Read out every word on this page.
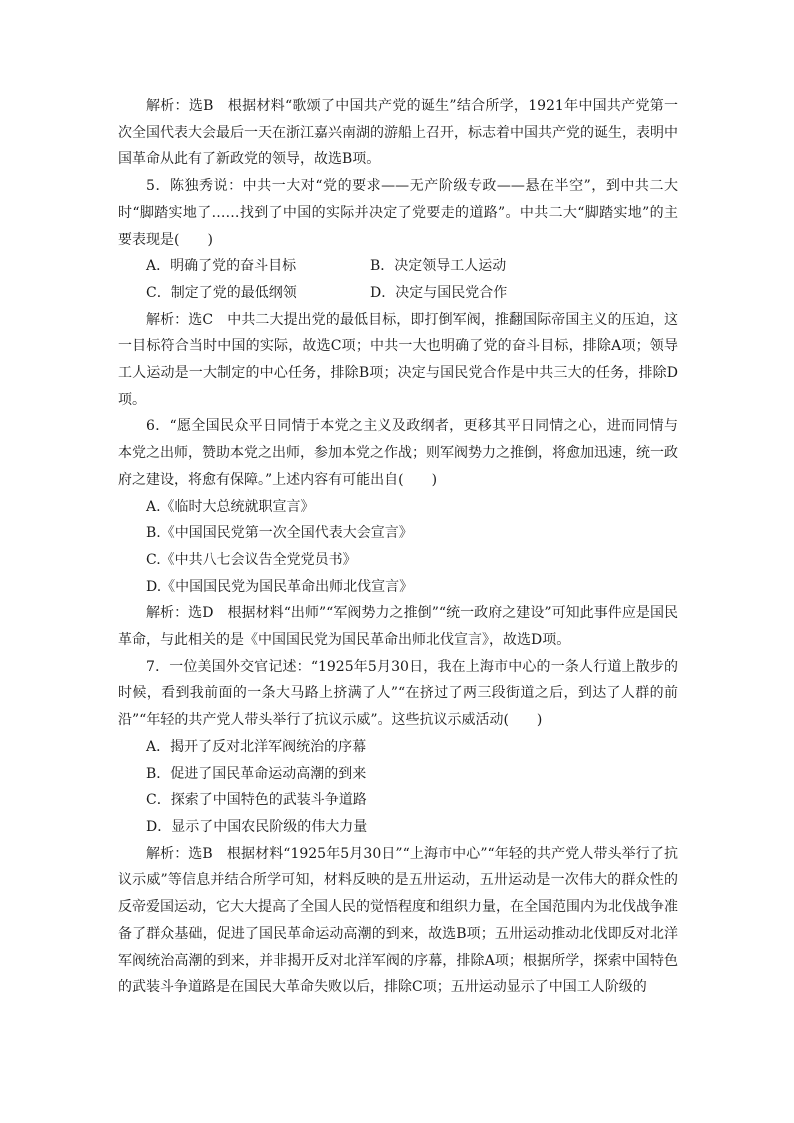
解析：选B　根据材料“歌颂了中国共产党的诞生”结合所学，1921年中国共产党第一次全国代表大会最后一天在浙江嘉兴南湖的游船上召开，标志着中国共产党的诞生，表明中国革命从此有了新政党的领导，故选B项。

5．陈独秀说：中共一大对“党的要求——无产阶级专政——悬在半空”，到中共二大时“脚踏实地了……找到了中国的实际并决定了党要走的道路”。中共二大“脚踏实地”的主要表现是(　　)

A．明确了党的奋斗目标	B．决定领导工人运动
C．制定了党的最低纲领	D．决定与国民党合作

解析：选C　中共二大提出党的最低目标，即打倒军阀，推翻国际帝国主义的压迫，这一目标符合当时中国的实际，故选C项；中共一大也明确了党的奋斗目标，排除A项；领导工人运动是一大制定的中心任务，排除B项；决定与国民党合作是中共三大的任务，排除D项。

6．“愿全国民众平日同情于本党之主义及政纲者，更移其平日同情之心，进而同情与本党之出师，赞助本党之出师，参加本党之作战；则军阀势力之推倒，将愈加迅速，统一政府之建设，将愈有保障。”上述内容有可能出自(　　)

A.《临时大总统就职宣言》

B.《中国国民党第一次全国代表大会宣言》

C.《中共八七会议告全党党员书》

D.《中国国民党为国民革命出师北伐宣言》

解析：选D　根据材料“出师”“军阀势力之推倒”“统一政府之建设”可知此事件应是国民革命，与此相关的是《中国国民党为国民革命出师北伐宣言》，故选D项。

7．一位美国外交官记述：“1925年5月30日，我在上海市中心的一条人行道上散步的时候，看到我前面的一条大马路上挤满了人”“在挤过了两三段街道之后，到达了人群的前沿”“年轻的共产党人带头举行了抗议示威”。这些抗议示威活动(　　)

A．揭开了反对北洋军阀统治的序幕

B．促进了国民革命运动高潮的到来

C．探索了中国特色的武装斗争道路

D．显示了中国农民阶级的伟大力量

解析：选B　根据材料“1925年5月30日”“上海市中心”“年轻的共产党人带头举行了抗议示威”等信息并结合所学可知，材料反映的是五卅运动，五卅运动是一次伟大的群众性的反帝爱国运动，它大大提高了全国人民的觉悟程度和组织力量，在全国范围内为北伐战争准备了群众基础，促进了国民革命运动高潮的到来，故选B项；五卅运动推动北伐即反对北洋军阀统治高潮的到来，并非揭开反对北洋军阀的序幕，排除A项；根据所学，探索中国特色的武装斗争道路是在国民大革命失败以后，排除C项；五卅运动显示了中国工人阶级的
